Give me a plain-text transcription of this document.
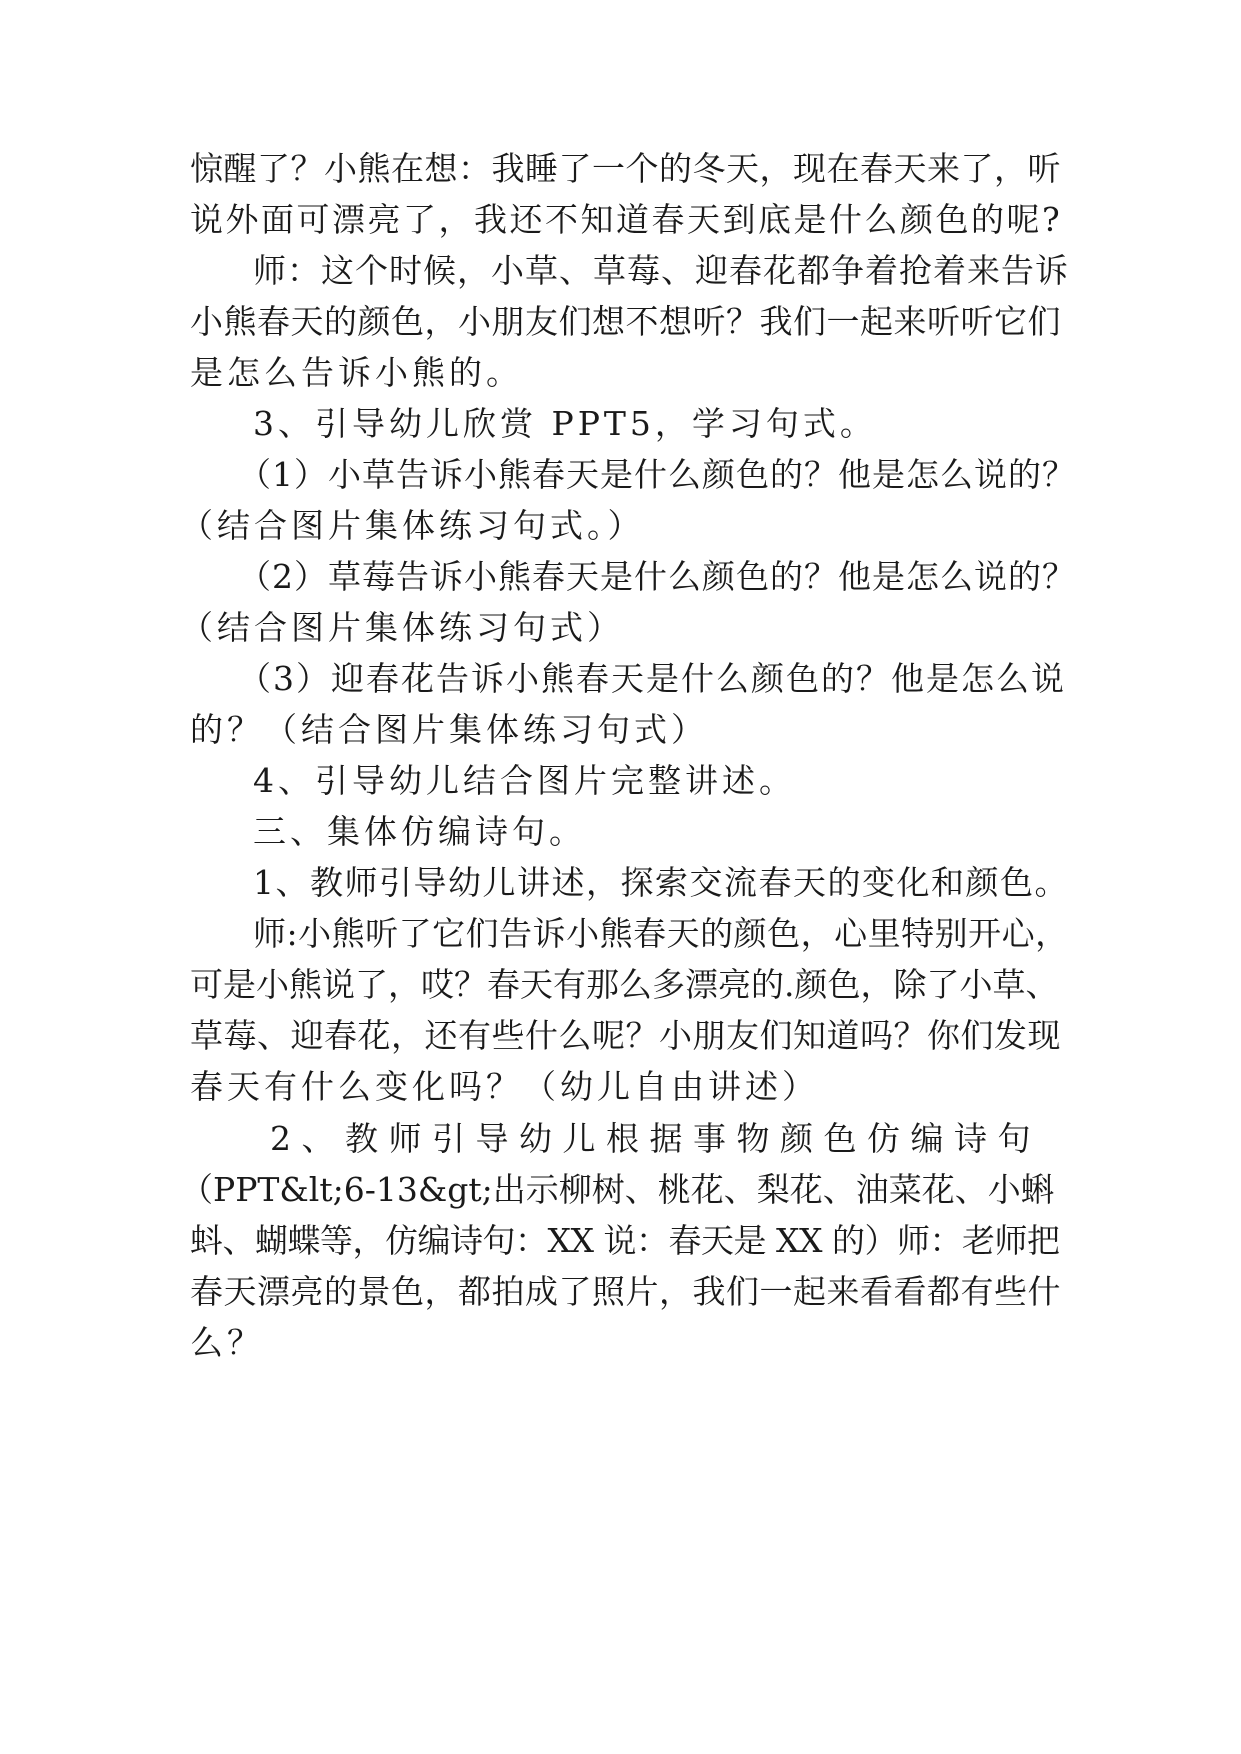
惊醒了？小熊在想：我睡了一个的冬天，现在春天来了，听
说外面可漂亮了，我还不知道春天到底是什么颜色的呢?
师：这个时候，小草、草莓、迎春花都争着抢着来告诉
小熊春天的颜色，小朋友们想不想听？我们一起来听听它们
是怎么告诉小熊的。
3、引导幼儿欣赏 PPT5，学习句式。
（1）小草告诉小熊春天是什么颜色的？他是怎么说的？
（结合图片集体练习句式。）
（2）草莓告诉小熊春天是什么颜色的？他是怎么说的？
（结合图片集体练习句式）
（3）迎春花告诉小熊春天是什么颜色的？他是怎么说
的？（结合图片集体练习句式）
4、引导幼儿结合图片完整讲述。
三、集体仿编诗句。
1、教师引导幼儿讲述，探索交流春天的变化和颜色。
师:小熊听了它们告诉小熊春天的颜色，心里特别开心，
可是小熊说了，哎？春天有那么多漂亮的.颜色，除了小草、
草莓、迎春花，还有些什么呢？小朋友们知道吗？你们发现
春天有什么变化吗？（幼儿自由讲述）
2、教师引导幼儿根据事物颜色仿编诗句
（PPT&lt;6-13&gt;出示柳树、桃花、梨花、油菜花、小蝌
蚪、蝴蝶等，仿编诗句：XX 说：春天是 XX 的）师：老师把
春天漂亮的景色，都拍成了照片，我们一起来看看都有些什
么？
